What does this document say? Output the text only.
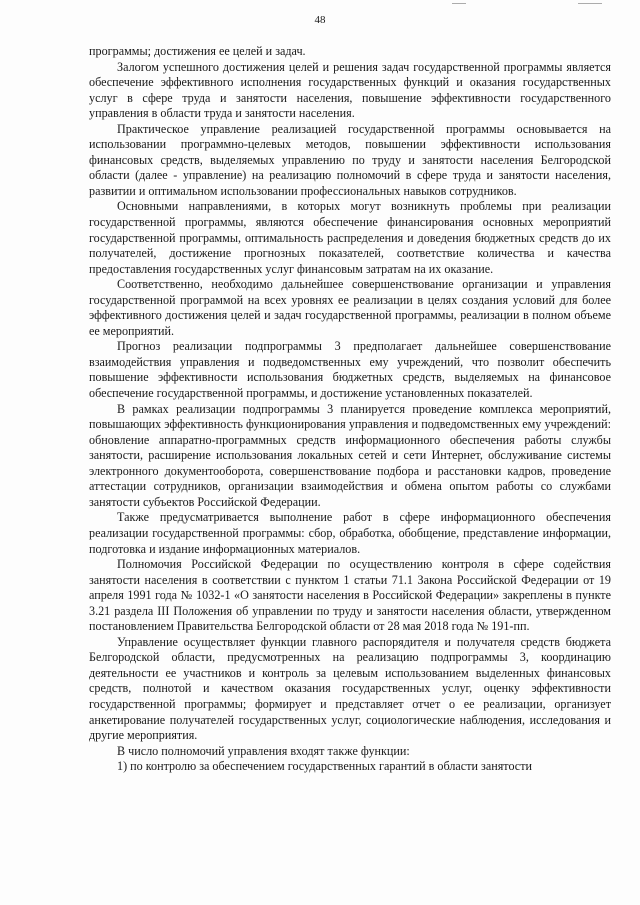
48

программы; достижения ее целей и задач.

Залогом успешного достижения целей и решения задач государственной программы является обеспечение эффективного исполнения государственных функций и оказания государственных услуг в сфере труда и занятости населения, повышение эффективности государственного управления в области труда и занятости населения.

Практическое управление реализацией государственной программы основывается на использовании программно-целевых методов, повышении эффективности использования финансовых средств, выделяемых управлению по труду и занятости населения Белгородской области (далее - управление) на реализацию полномочий в сфере труда и занятости населения, развитии и оптимальном использовании профессиональных навыков сотрудников.

Основными направлениями, в которых могут возникнуть проблемы при реализации государственной программы, являются обеспечение финансирования основных мероприятий государственной программы, оптимальность распределения и доведения бюджетных средств до их получателей, достижение прогнозных показателей, соответствие количества и качества предоставления государственных услуг финансовым затратам на их оказание.

Соответственно, необходимо дальнейшее совершенствование организации и управления государственной программой на всех уровнях ее реализации в целях создания условий для более эффективного достижения целей и задач государственной программы, реализации в полном объеме ее мероприятий.

Прогноз реализации подпрограммы 3 предполагает дальнейшее совершенствование взаимодействия управления и подведомственных ему учреждений, что позволит обеспечить повышение эффективности использования бюджетных средств, выделяемых на финансовое обеспечение государственной программы, и достижение установленных показателей.

В рамках реализации подпрограммы 3 планируется проведение комплекса мероприятий, повышающих эффективность функционирования управления и подведомственных ему учреждений: обновление аппаратно-программных средств информационного обеспечения работы службы занятости, расширение использования локальных сетей и сети Интернет, обслуживание системы электронного документооборота, совершенствование подбора и расстановки кадров, проведение аттестации сотрудников, организации взаимодействия и обмена опытом работы со службами занятости субъектов Российской Федерации.

Также предусматривается выполнение работ в сфере информационного обеспечения реализации государственной программы: сбор, обработка, обобщение, представление информации, подготовка и издание информационных материалов.

Полномочия Российской Федерации по осуществлению контроля в сфере содействия занятости населения в соответствии с пунктом 1 статьи 71.1 Закона Российской Федерации от 19 апреля 1991 года № 1032-1 «О занятости населения в Российской Федерации» закреплены в пункте 3.21 раздела III Положения об управлении по труду и занятости населения области, утвержденном постановлением Правительства Белгородской области от 28 мая 2018 года № 191-пп.

Управление осуществляет функции главного распорядителя и получателя средств бюджета Белгородской области, предусмотренных на реализацию подпрограммы 3, координацию деятельности ее участников и контроль за целевым использованием выделенных финансовых средств, полнотой и качеством оказания государственных услуг, оценку эффективности государственной программы; формирует и представляет отчет о ее реализации, организует анкетирование получателей государственных услуг, социологические наблюдения, исследования и другие мероприятия.

В число полномочий управления входят также функции:

1) по контролю за обеспечением государственных гарантий в области занятости
